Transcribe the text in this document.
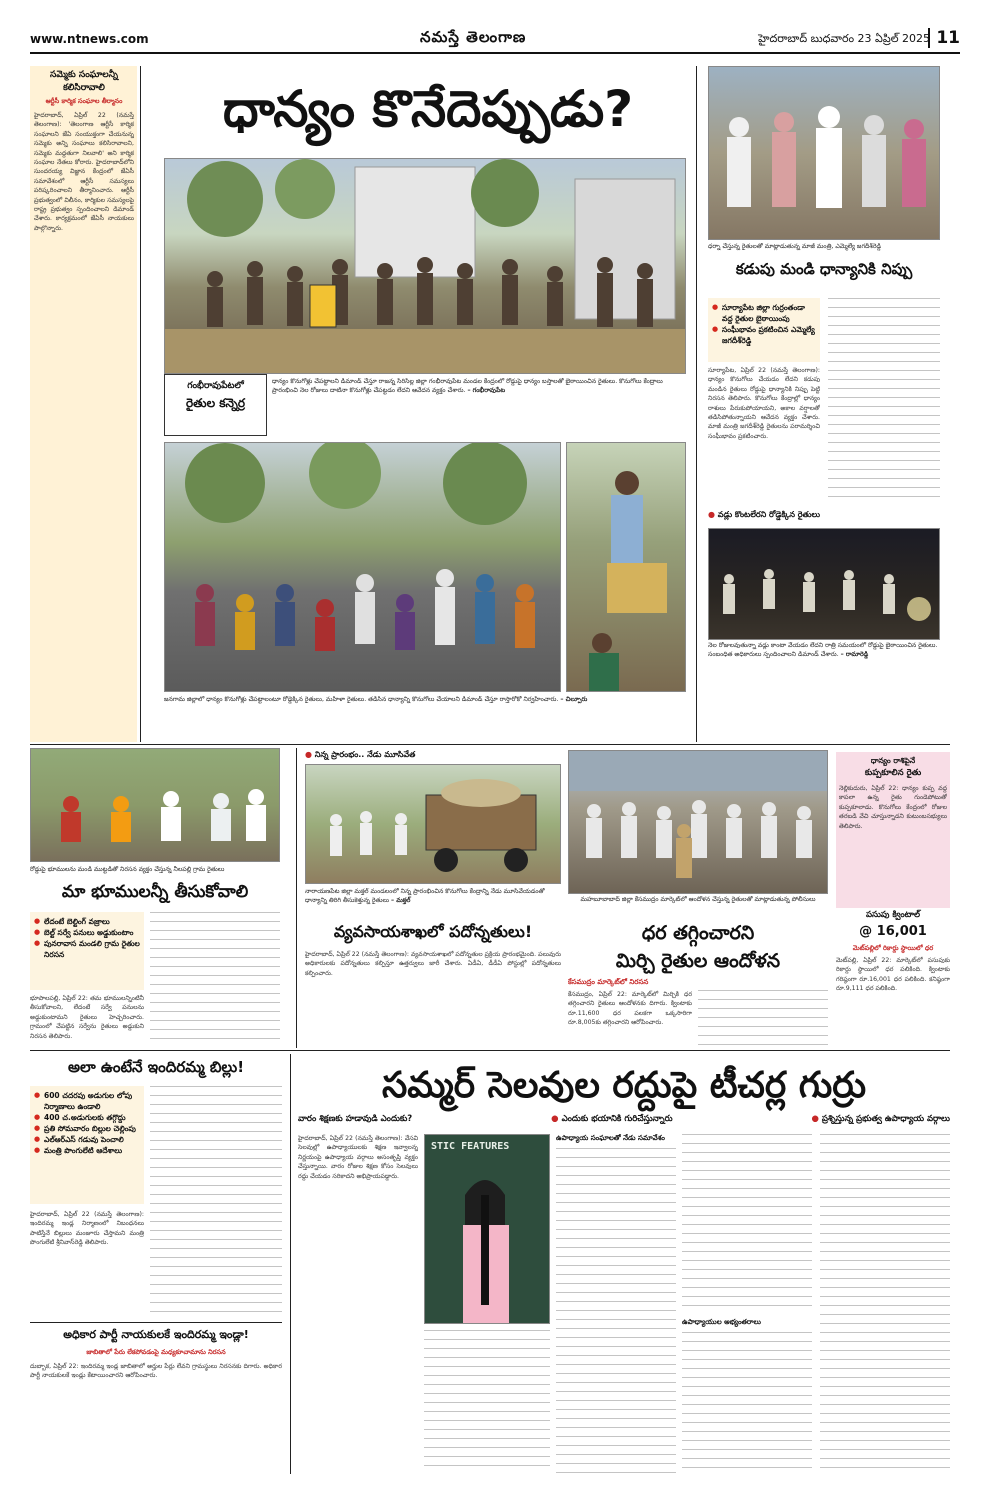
www.ntnews.com	నమస్తే తెలంగాణ	హైదరాబాద్ బుధవారం 23 ఏప్రిల్ 2025 11
సమ్మెకు సంఘాలన్నీ
కలిసిరావాలి
ఆర్టీసీ కార్మిక సంఘాల తీర్మానం
హైదరాబాద్, ఏప్రిల్ 22 (నమస్తే తెలంగాణ): 'తెలంగాణ ఆర్టీసీ కార్మిక సంఘాలని జేఏ సంయుక్తంగా చేయనున్న సమ్మెకు అన్ని సంఘాలు కలిసిరావాలని, సమ్మెకు మద్దతుగా నిలవాలి' అని కార్మిక సంఘాల నేతలు కోరారు. హైదరాబాద్‌లోని సుందరయ్య విజ్ఞాన కేంద్రంలో జేఏసీ సమావేశంలో ఆర్టీసీ సమస్యలు పరిష్కరించాలని తీర్మానించారు. ఆర్టీసీ ప్రభుత్వంలో విలీనం, కార్మికుల సమస్యలపై రాష్ట్ర ప్రభుత్వం స్పందించాలని డిమాండ్ చేశారు. కార్యక్రమంలో జేఏసీ నాయకులు పాల్గొన్నారు.
ధాన్యం కొనేదెప్పుడు?
గంభీరావుపేటలో
రైతుల కన్నెర్ర
ధాన్యం కొనుగోళ్లు చేపట్టాలని డిమాండ్ చేస్తూ రాజన్న సిరిసిల్ల జిల్లా గంభీరావుపేట మండల కేంద్రంలో రోడ్డుపై ధాన్యం బస్తాలతో బైఠాయించిన రైతులు. కొనుగోలు కేంద్రాలు ప్రారంభించి నెల రోజులు దాటినా కొనుగోళ్లు చేపట్టడం లేదని ఆవేదన వ్యక్తం చేశారు. – గంభీరావుపేట
జనగామ జిల్లాలో ధాన్యం కొనుగోళ్లు చేపట్టాలంటూ రోడ్డెక్కిన రైతులు, మహిళా రైతులు. తడిసిన ధాన్యాన్ని కొనుగోలు చేయాలని డిమాండ్ చేస్తూ రాస్తారోకో నిర్వహించారు. – చిల్పూరు
ధర్నా చేస్తున్న రైతులతో మాట్లాడుతున్న మాజీ మంత్రి, ఎమ్మెల్యే జగదీశ్‌రెడ్డి
కడుపు మండి ధాన్యానికి నిప్పు
● సూర్యాపేట జిల్లా గుర్రంతండా వద్ద రైతుల బైఠాయింపు
● సంఘీభావం ప్రకటించిన ఎమ్మెల్యే జగదీశ్‌రెడ్డి
సూర్యాపేట, ఏప్రిల్ 22 (నమస్తే తెలంగాణ): ధాన్యం కొనుగోలు చేయడం లేదని కడుపు మండిన రైతులు రోడ్డుపై ధాన్యానికి నిప్పు పెట్టి నిరసన తెలిపారు. కొనుగోలు కేంద్రాల్లో ధాన్యం రాశులు పేరుకుపోయాయని, అకాల వర్షాలతో తడిసిపోతున్నాయని ఆవేదన వ్యక్తం చేశారు. మాజీ మంత్రి జగదీశ్‌రెడ్డి రైతులను పరామర్శించి సంఘీభావం ప్రకటించారు.
● వడ్లు కొంటలేరని రోడ్డెక్కిన రైతులు
నెల రోజులవుతున్నా వడ్లు కాంటా వేయడం లేదని రాత్రి సమయంలో రోడ్డుపై బైఠాయించిన రైతులు. సంబంధిత అధికారులు స్పందించాలని డిమాండ్ చేశారు. – రామారెడ్డి
రోడ్డుపై భూములను మండి ముట్టడితో నిరసన వ్యక్తం చేస్తున్న నీలపల్లి గ్రామ రైతులు
మా భూములన్నీ తీసుకోవాలి
● లేదంటే బెల్టింగ్ వజ్రాలు
● బెల్ట్ సర్వే పనులు అడ్డుకుంటాం
● పునరావాస మండలి గ్రామ రైతుల నిరసన
భూపాలపల్లి, ఏప్రిల్ 22: తమ భూములన్నింటినీ తీసుకోవాలని, లేదంటే సర్వే పనులను అడ్డుకుంటామని రైతులు హెచ్చరించారు. గ్రామంలో చేపట్టిన సర్వేను రైతులు అడ్డుకుని నిరసన తెలిపారు.
● నిన్న ప్రారంభం.. నేడు మూసివేత
నారాయణపేట జిల్లా మక్తల్ మండలంలో నిన్న ప్రారంభించిన కొనుగోలు కేంద్రాన్ని నేడు మూసివేయడంతో ధాన్యాన్ని తిరిగి తీసుకెళ్తున్న రైతులు – మక్తల్
వ్యవసాయశాఖలో పదోన్నతులు!
హైదరాబాద్, ఏప్రిల్ 22 (నమస్తే తెలంగాణ): వ్యవసాయశాఖలో పదోన్నతుల ప్రక్రియ ప్రారంభమైంది. పలువురు అధికారులకు పదోన్నతులు కల్పిస్తూ ఉత్తర్వులు జారీ చేశారు. ఏడీఏ, డీడీఏ పోస్టుల్లో పదోన్నతులు కల్పించారు.
మహబూబాబాద్ జిల్లా కేసముద్రం మార్కెట్‌లో ఆందోళన చేస్తున్న రైతులతో మాట్లాడుతున్న పోలీసులు
ధర తగ్గించారని
మిర్చి రైతుల ఆందోళన
కేసముద్రం మార్కెట్‌లో నిరసన
కేసముద్రం, ఏప్రిల్ 22: మార్కెట్‌లో మిర్చికి ధర తగ్గించారని రైతులు ఆందోళనకు దిగారు. క్వింటాకు రూ.11,600 ధర పలకగా ఒక్కసారిగా రూ.8,005కు తగ్గించారని ఆరోపించారు.
ధాన్యం రాశిపైనే
కుప్పకూలిన రైతు
నెల్లికుదురు, ఏప్రిల్ 22: ధాన్యం కుప్ప వద్ద కాపలా ఉన్న రైతు గుండెపోటుతో కుప్పకూలాడు. కొనుగోలు కేంద్రంలో రోజుల తరబడి వేచి చూస్తున్నాడని కుటుంబసభ్యులు తెలిపారు.
పసుపు క్వింటాల్
@ 16,001
మెట్‌పల్లిలో రికార్డు స్థాయిలో ధర
మెట్‌పల్లి, ఏప్రిల్ 22: మార్కెట్‌లో పసుపుకు రికార్డు స్థాయిలో ధర పలికింది. క్వింటాకు గరిష్ఠంగా రూ.16,001 ధర పలికింది. కనిష్ఠంగా రూ.9,111 ధర పలికింది.
అలా ఉంటేనే ఇందిరమ్మ బిల్లు!
● 600 చదరపు అడుగుల లోపు నిర్మాణాలు ఉండాలి
● 400 చ.అడుగులకు తగ్గొద్దు
● ప్రతి సోమవారం బిల్లుల చెల్లింపు
● ఎల్‌ఆర్‌ఎస్ గడువు పెంచాలి
● మంత్రి పొంగులేటి ఆదేశాలు
హైదరాబాద్, ఏప్రిల్ 22 (నమస్తే తెలంగాణ): ఇందిరమ్మ ఇండ్ల నిర్మాణంలో నిబంధనలు పాటిస్తేనే బిల్లులు మంజూరు చేస్తామని మంత్రి పొంగులేటి శ్రీనివాస్‌రెడ్డి తెలిపారు.
అధికార పార్టీ నాయకులకే ఇందిరమ్మ ఇండ్లా!
జాబితాలో పేరు లేకపోవడంపై మధ్యకూచామాను నిరసన
దుబ్బాక, ఏప్రిల్ 22: ఇందిరమ్మ ఇండ్ల జాబితాలో అర్హుల పేర్లు లేవని గ్రామస్థులు నిరసనకు దిగారు. అధికార పార్టీ నాయకులకే ఇండ్లు కేటాయించారని ఆరోపించారు.
సమ్మర్ సెలవుల రద్దుపై టీచర్ల గుర్రు
వారం శిక్షణకు హడావుడి ఎందుకు?	● ఎందుకు భయానికి గురిచేస్తున్నారు	● ప్రశ్నిస్తున్న ప్రభుత్వ ఉపాధ్యాయ వర్గాలు
హైదరాబాద్, ఏప్రిల్ 22 (నమస్తే తెలంగాణ): వేసవి సెలవుల్లో ఉపాధ్యాయులకు శిక్షణ ఇవ్వాలన్న నిర్ణయంపై ఉపాధ్యాయ వర్గాలు అసంతృప్తి వ్యక్తం చేస్తున్నాయి. వారం రోజుల శిక్షణ కోసం సెలవులు రద్దు చేయడం సరికాదని అభిప్రాయపడ్డారు.
STIC FEATURES
ఉపాధ్యాయ సంఘాలతో నేడు సమావేశం
ఉపాధ్యాయుల అభ్యంతరాలు
